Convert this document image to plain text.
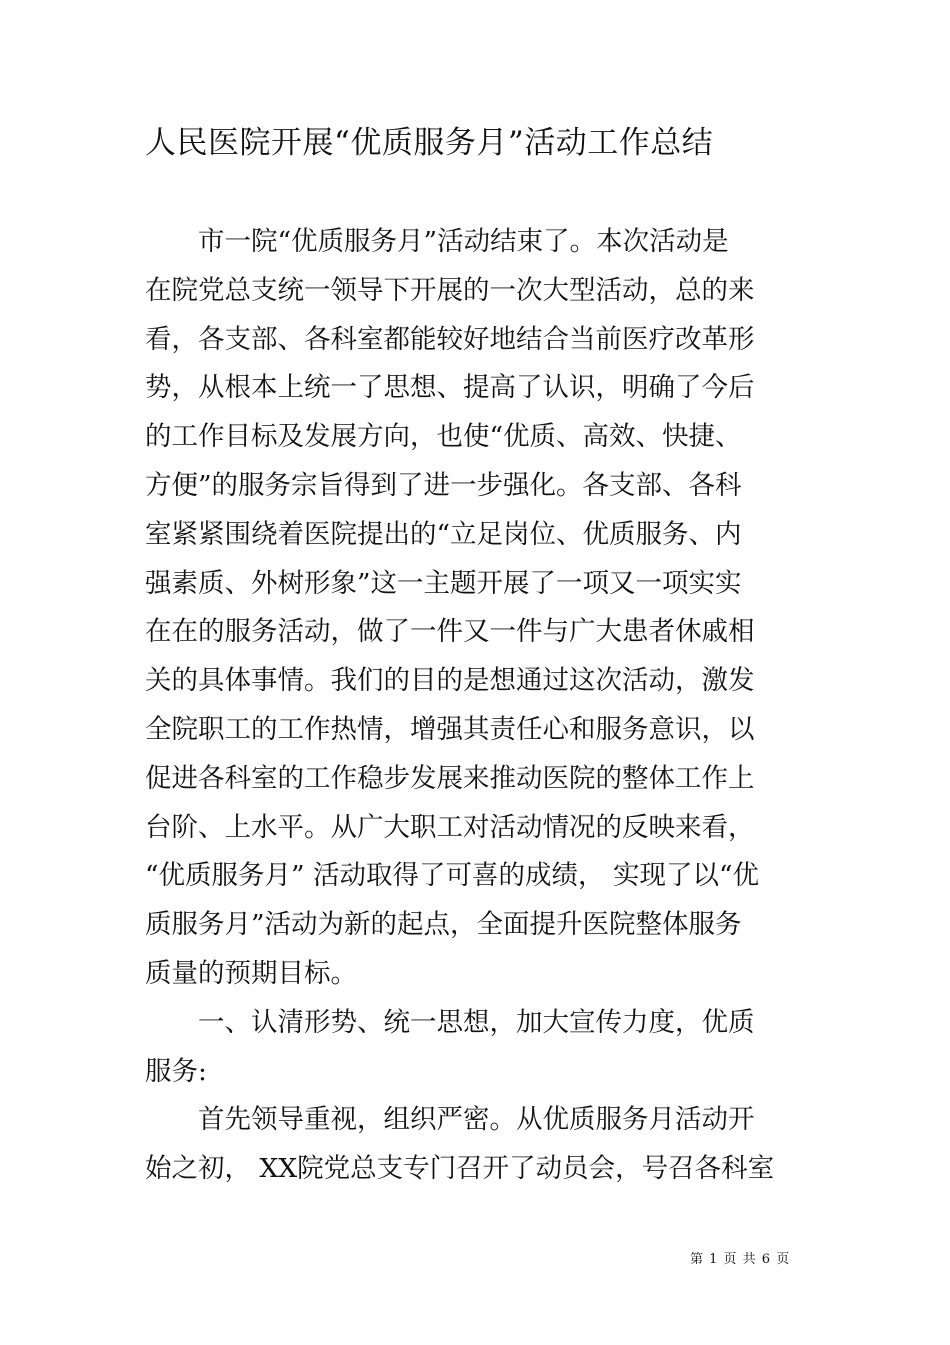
人民医院开展“优质服务月”活动工作总结
　　市一院“优质服务月”活动结束了。本次活动是
在院党总支统一领导下开展的一次大型活动，总的来
看，各支部、各科室都能较好地结合当前医疗改革形
势，从根本上统一了思想、提高了认识，明确了今后
的工作目标及发展方向，也使“优质、高效、快捷、
方便”的服务宗旨得到了进一步强化。各支部、各科
室紧紧围绕着医院提出的“立足岗位、优质服务、内
强素质、外树形象”这一主题开展了一项又一项实实
在在的服务活动，做了一件又一件与广大患者休戚相
关的具体事情。我们的目的是想通过这次活动，激发
全院职工的工作热情，增强其责任心和服务意识，以
促进各科室的工作稳步发展来推动医院的整体工作上
台阶、上水平。从广大职工对活动情况的反映来看，
“优质服务月” 活动取得了可喜的成绩， 实现了以“优
质服务月”活动为新的起点，全面提升医院整体服务
质量的预期目标。
　　一、认清形势、统一思想，加大宣传力度，优质
服务:
　　首先领导重视，组织严密。从优质服务月活动开
始之初， XX院党总支专门召开了动员会，号召各科室
第 1 页 共 6 页
